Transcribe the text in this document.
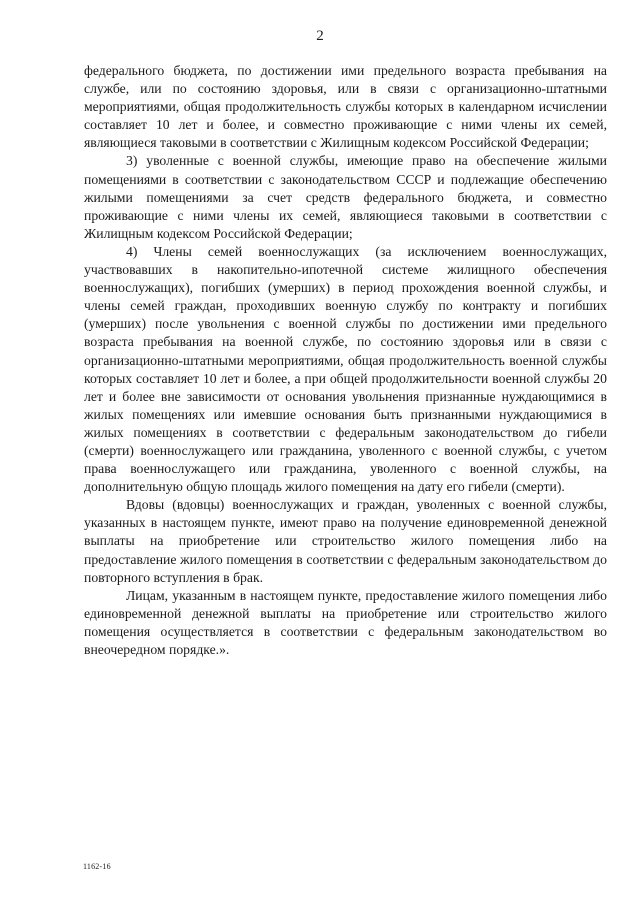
2

федерального бюджета, по достижении ими предельного возраста пребывания на службе, или по состоянию здоровья, или в связи с организационно-штатными мероприятиями, общая продолжительность службы которых в календарном исчислении составляет 10 лет и более, и совместно проживающие с ними члены их семей, являющиеся таковыми в соответствии с Жилищным кодексом Российской Федерации;

3) уволенные с военной службы, имеющие право на обеспечение жилыми помещениями в соответствии с законодательством СССР и подлежащие обеспечению жилыми помещениями за счет средств федерального бюджета, и совместно проживающие с ними члены их семей, являющиеся таковыми в соответствии с Жилищным кодексом Российской Федерации;

4) Члены семей военнослужащих (за исключением военнослужащих, участвовавших в накопительно-ипотечной системе жилищного обеспечения военнослужащих), погибших (умерших) в период прохождения военной службы, и члены семей граждан, проходивших военную службу по контракту и погибших (умерших) после увольнения с военной службы по достижении ими предельного возраста пребывания на военной службе, по состоянию здоровья или в связи с организационно-штатными мероприятиями, общая продолжительность военной службы которых составляет 10 лет и более, а при общей продолжительности военной службы 20 лет и более вне зависимости от основания увольнения признанные нуждающимися в жилых помещениях или имевшие основания быть признанными нуждающимися в жилых помещениях в соответствии с федеральным законодательством до гибели (смерти) военнослужащего или гражданина, уволенного с военной службы, с учетом права военнослужащего или гражданина, уволенного с военной службы, на дополнительную общую площадь жилого помещения на дату его гибели (смерти).

Вдовы (вдовцы) военнослужащих и граждан, уволенных с военной службы, указанных в настоящем пункте, имеют право на получение единовременной денежной выплаты на приобретение или строительство жилого помещения либо на предоставление жилого помещения в соответствии с федеральным законодательством до повторного вступления в брак.

Лицам, указанным в настоящем пункте, предоставление жилого помещения либо единовременной денежной выплаты на приобретение или строительство жилого помещения осуществляется в соответствии с федеральным законодательством во внеочередном порядке.».

1162-16
